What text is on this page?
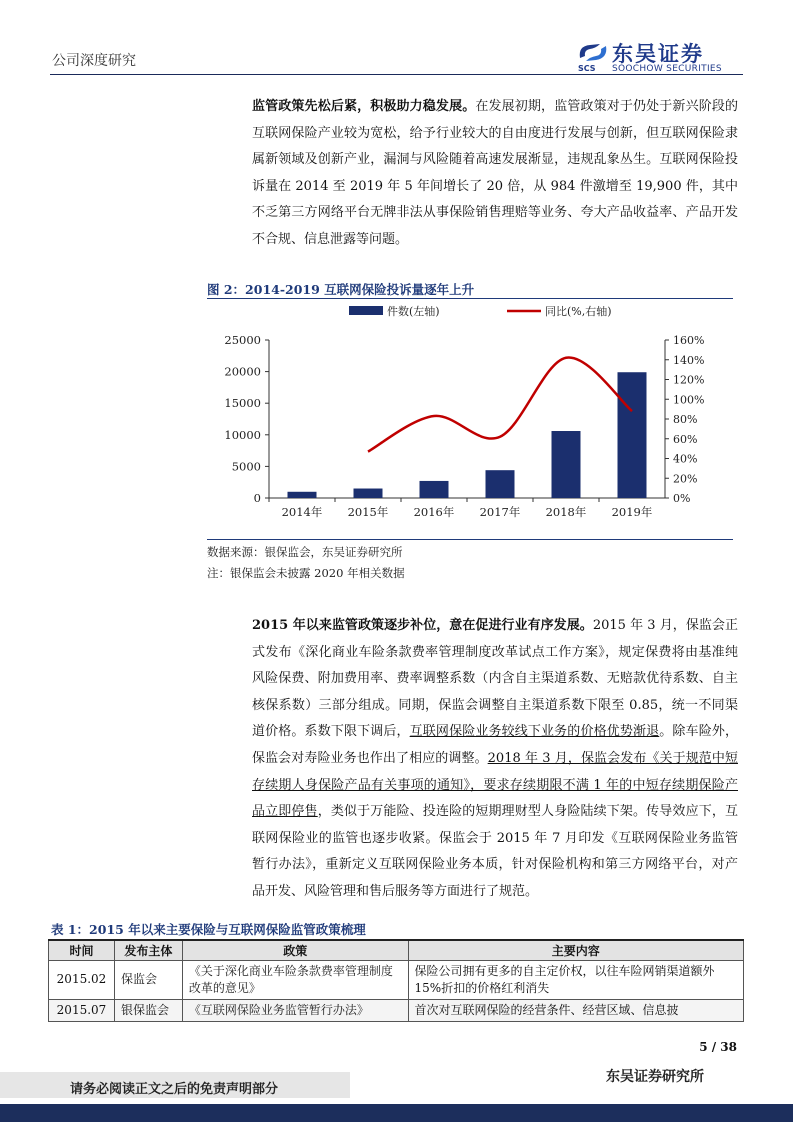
公司深度研究	SCS
东吴证券
SOOCHOW SECURITIES
监管政策先松后紧，积极助力稳发展。在发展初期，监管政策对于仍处于新兴阶段的互联网保险产业较为宽松，给予行业较大的自由度进行发展与创新，但互联网保险隶属新领域及创新产业，漏洞与风险随着高速发展渐显，违规乱象丛生。互联网保险投诉量在 2014 至 2019 年 5 年间增长了 20 倍，从 984 件激增至 19,900 件，其中不乏第三方网络平台无牌非法从事保险销售理赔等业务、夸大产品收益率、产品开发不合规、信息泄露等问题。
图 2：2014-2019 互联网保险投诉量逐年上升
0
5000
10000
15000
20000
25000
0%
20%
40%
60%
80%
100%
120%
140%
160%
2014年 2015年 2016年 2017年 2018年 2019年
件数(左轴)	同比(%,右轴)
数据来源：银保监会，东吴证券研究所
注：银保监会未披露 2020 年相关数据
2015 年以来监管政策逐步补位，意在促进行业有序发展。2015 年 3 月，保监会正式发布《深化商业车险条款费率管理制度改革试点工作方案》，规定保费将由基准纯风险保费、附加费用率、费率调整系数（内含自主渠道系数、无赔款优待系数、自主核保系数）三部分组成。同期，保监会调整自主渠道系数下限至 0.85，统一不同渠道价格。系数下限下调后，互联网保险业务较线下业务的价格优势渐退。除车险外，保监会对寿险业务也作出了相应的调整。2018 年 3 月，保监会发布《关于规范中短存续期人身保险产品有关事项的通知》，要求存续期限不满 1 年的中短存续期保险产品立即停售，类似于万能险、投连险的短期理财型人身险陆续下架。传导效应下，互联网保险业的监管也逐步收紧。保监会于 2015 年 7 月印发《互联网保险业务监管暂行办法》，重新定义互联网保险业务本质，针对保险机构和第三方网络平台，对产品开发、风险管理和售后服务等方面进行了规范。
表 1：2015 年以来主要保险与互联网保险监管政策梳理
时间	发布主体	政策	主要内容
2015.02	保监会	《关于深化商业车险条款费率管理制度改革的意见》	保险公司拥有更多的自主定价权，以往车险网销渠道额外 15%折扣的价格红利消失
2015.07	银保监会	《互联网保险业务监管暂行办法》	首次对互联网保险的经营条件、经营区域、信息披
5 / 38
请务必阅读正文之后的免责声明部分
东吴证券研究所
